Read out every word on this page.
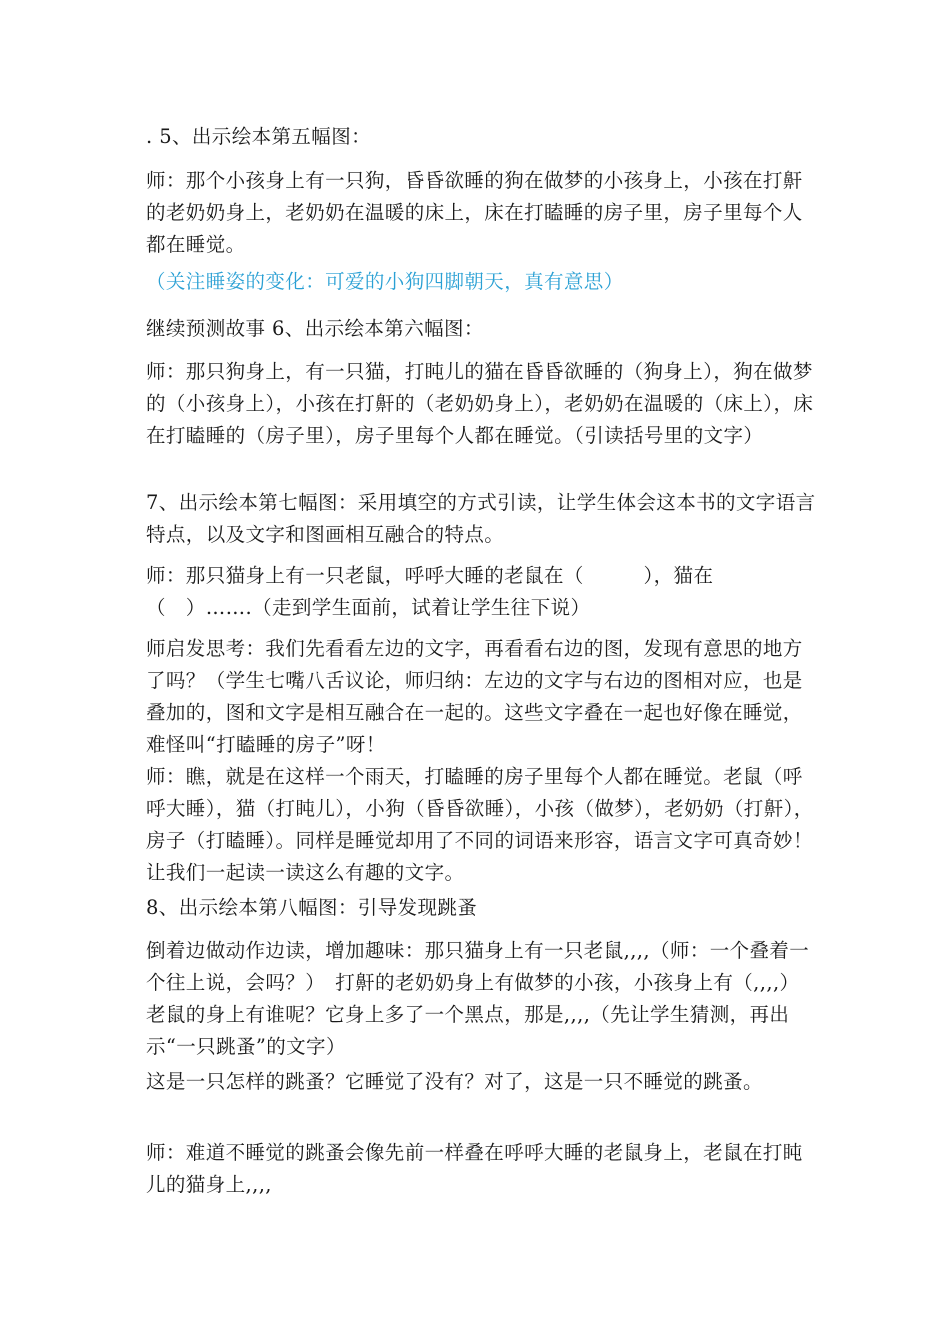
. 5、出示绘本第五幅图：

师：那个小孩身上有一只狗，昏昏欲睡的狗在做梦的小孩身上，小孩在打鼾的老奶奶身上，老奶奶在温暖的床上，床在打瞌睡的房子里，房子里每个人都在睡觉。

（关注睡姿的变化：可爱的小狗四脚朝天，真有意思）

继续预测故事 6、出示绘本第六幅图：

师：那只狗身上，有一只猫，打盹儿的猫在昏昏欲睡的（狗身上），狗在做梦的（小孩身上），小孩在打鼾的（老奶奶身上），老奶奶在温暖的（床上），床在打瞌睡的（房子里），房子里每个人都在睡觉。（引读括号里的文字）

7、出示绘本第七幅图：采用填空的方式引读，让学生体会这本书的文字语言特点，以及文字和图画相互融合的特点。

师：那只猫身上有一只老鼠，呼呼大睡的老鼠在（　　　），猫在（　）…….（走到学生面前，试着让学生往下说）

师启发思考：我们先看看左边的文字，再看看右边的图，发现有意思的地方了吗？（学生七嘴八舌议论，师归纳：左边的文字与右边的图相对应，也是叠加的，图和文字是相互融合在一起的。这些文字叠在一起也好像在睡觉，难怪叫“打瞌睡的房子”呀！

师：瞧，就是在这样一个雨天，打瞌睡的房子里每个人都在睡觉。老鼠（呼呼大睡），猫（打盹儿），小狗（昏昏欲睡），小孩（做梦），老奶奶（打鼾），房子（打瞌睡）。同样是睡觉却用了不同的词语来形容，语言文字可真奇妙！让我们一起读一读这么有趣的文字。

8、出示绘本第八幅图：引导发现跳蚤

倒着边做动作边读，增加趣味：那只猫身上有一只老鼠,,,,（师：一个叠着一个往上说，会吗？）　打鼾的老奶奶身上有做梦的小孩，小孩身上有（,,,,）老鼠的身上有谁呢？它身上多了一个黑点，那是,,,,（先让学生猜测，再出示“一只跳蚤”的文字）

这是一只怎样的跳蚤？它睡觉了没有？对了，这是一只不睡觉的跳蚤。

师：难道不睡觉的跳蚤会像先前一样叠在呼呼大睡的老鼠身上，老鼠在打盹儿的猫身上,,,,
